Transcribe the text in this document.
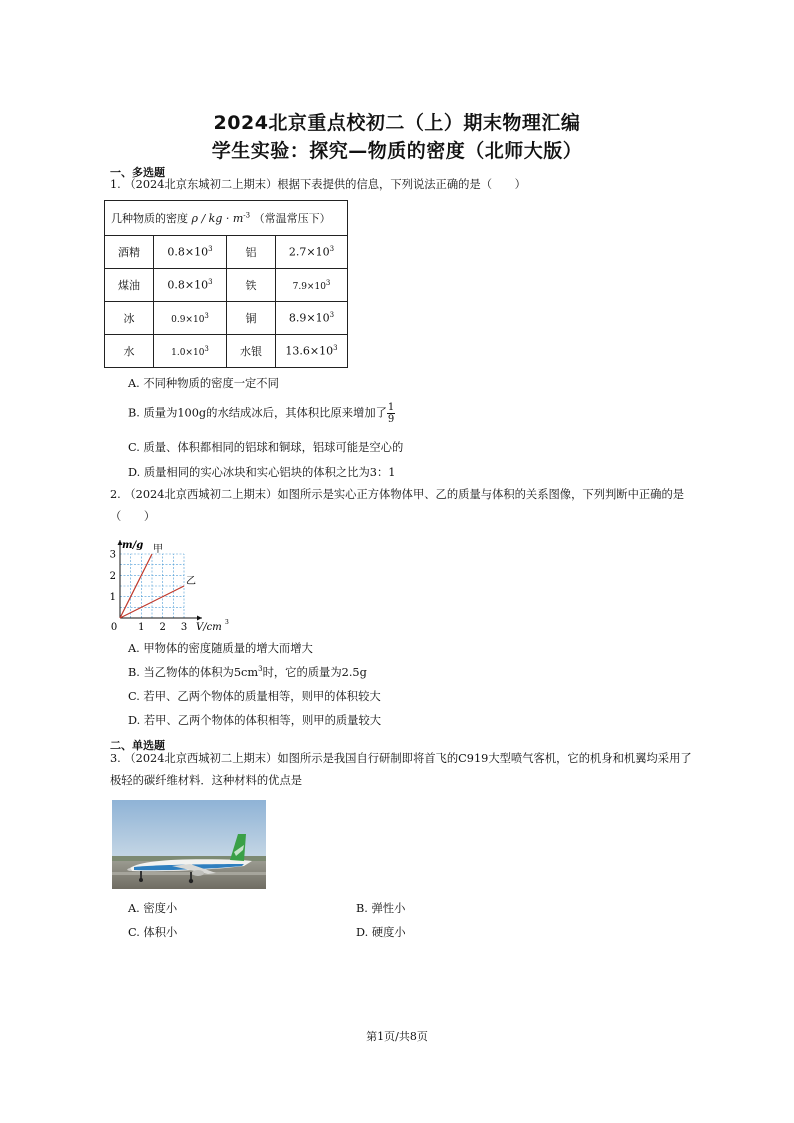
2024北京重点校初二（上）期末物理汇编
学生实验：探究—物质的密度（北师大版）
一、多选题
1. （2024北京东城初二上期末）根据下表提供的信息，下列说法正确的是（　　）
几种物质的密度 ρ / kg · $m^{-3}$ （常温常压下）			
酒精	$0.8\times 10^3$	铝	$2.7\times 10^3$
煤油	$0.8\times 10^3$	铁	$7.9\times 10^3$
冰	$0.9\times 10^3$	铜	$8.9\times 10^3$
水	$1.0\times 10^3$	水银	$13.6\times 10^3$
A. 不同种物质的密度一定不同
B. 质量为100g的水结成冰后，其体积比原来增加了 $\frac{1}{9}$
C. 质量、体积都相同的铝球和铜球，铝球可能是空心的
D. 质量相同的实心冰块和实心铝块的体积之比为3：1
2. （2024北京西城初二上期末）如图所示是实心正方体物体甲、乙的质量与体积的关系图像，下列判断中正确的是（　　）
0 1 2 3
1
2
3	甲
乙
m/g
V/cm 3
A. 甲物体的密度随质量的增大而增大
B. 当乙物体的体积为$5cm^3$时，它的质量为2.5g
C. 若甲、乙两个物体的质量相等，则甲的体积较大
D. 若甲、乙两个物体的体积相等，则甲的质量较大
二、单选题
3. （2024北京西城初二上期末）如图所示是我国自行研制即将首飞的C919大型喷气客机，它的机身和机翼均采用了极轻的碳纤维材料．这种材料的优点是
A. 密度小	B. 弹性小
C. 体积小	D. 硬度小
第1页/共8页
